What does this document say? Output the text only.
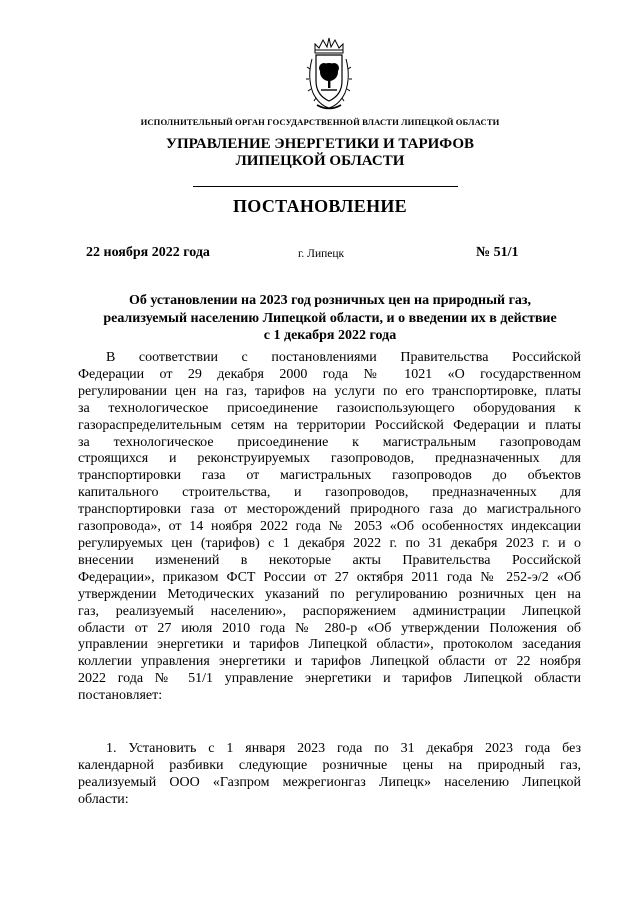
ИСПОЛНИТЕЛЬНЫЙ ОРГАН ГОСУДАРСТВЕННОЙ ВЛАСТИ ЛИПЕЦКОЙ ОБЛАСТИ
УПРАВЛЕНИЕ ЭНЕРГЕТИКИ И ТАРИФОВ
ЛИПЕЦКОЙ ОБЛАСТИ
ПОСТАНОВЛЕНИЕ
22 ноября 2022 года	г. Липецк	№ 51/1
Об установлении на 2023 год розничных цен на природный газ,
реализуемый населению Липецкой области, и о введении их в действие
с 1 декабря 2022 года
В соответствии с постановлениями Правительства Российской
Федерации от 29 декабря 2000 года № 1021 «О государственном
регулировании цен на газ, тарифов на услуги по его транспортировке, платы
за технологическое присоединение газоиспользующего оборудования к
газораспределительным сетям на территории Российской Федерации и платы
за технологическое присоединение к магистральным газопроводам
строящихся и реконструируемых газопроводов, предназначенных для
транспортировки газа от магистральных газопроводов до объектов
капитального строительства, и газопроводов, предназначенных для
транспортировки газа от месторождений природного газа до магистрального
газопровода», от 14 ноября 2022 года № 2053 «Об особенностях индексации
регулируемых цен (тарифов) с 1 декабря 2022 г. по 31 декабря 2023 г. и о
внесении изменений в некоторые акты Правительства Российской
Федерации», приказом ФСТ России от 27 октября 2011 года № 252-э/2 «Об
утверждении Методических указаний по регулированию розничных цен на
газ, реализуемый населению», распоряжением администрации Липецкой
области от 27 июля 2010 года № 280-р «Об утверждении Положения об
управлении энергетики и тарифов Липецкой области», протоколом заседания
коллегии управления энергетики и тарифов Липецкой области от 22 ноября
2022 года № 51/1 управление энергетики и тарифов Липецкой области
постановляет:
1. Установить с 1 января 2023 года по 31 декабря 2023 года без
календарной разбивки следующие розничные цены на природный газ,
реализуемый ООО «Газпром межрегионгаз Липецк» населению Липецкой
области:
